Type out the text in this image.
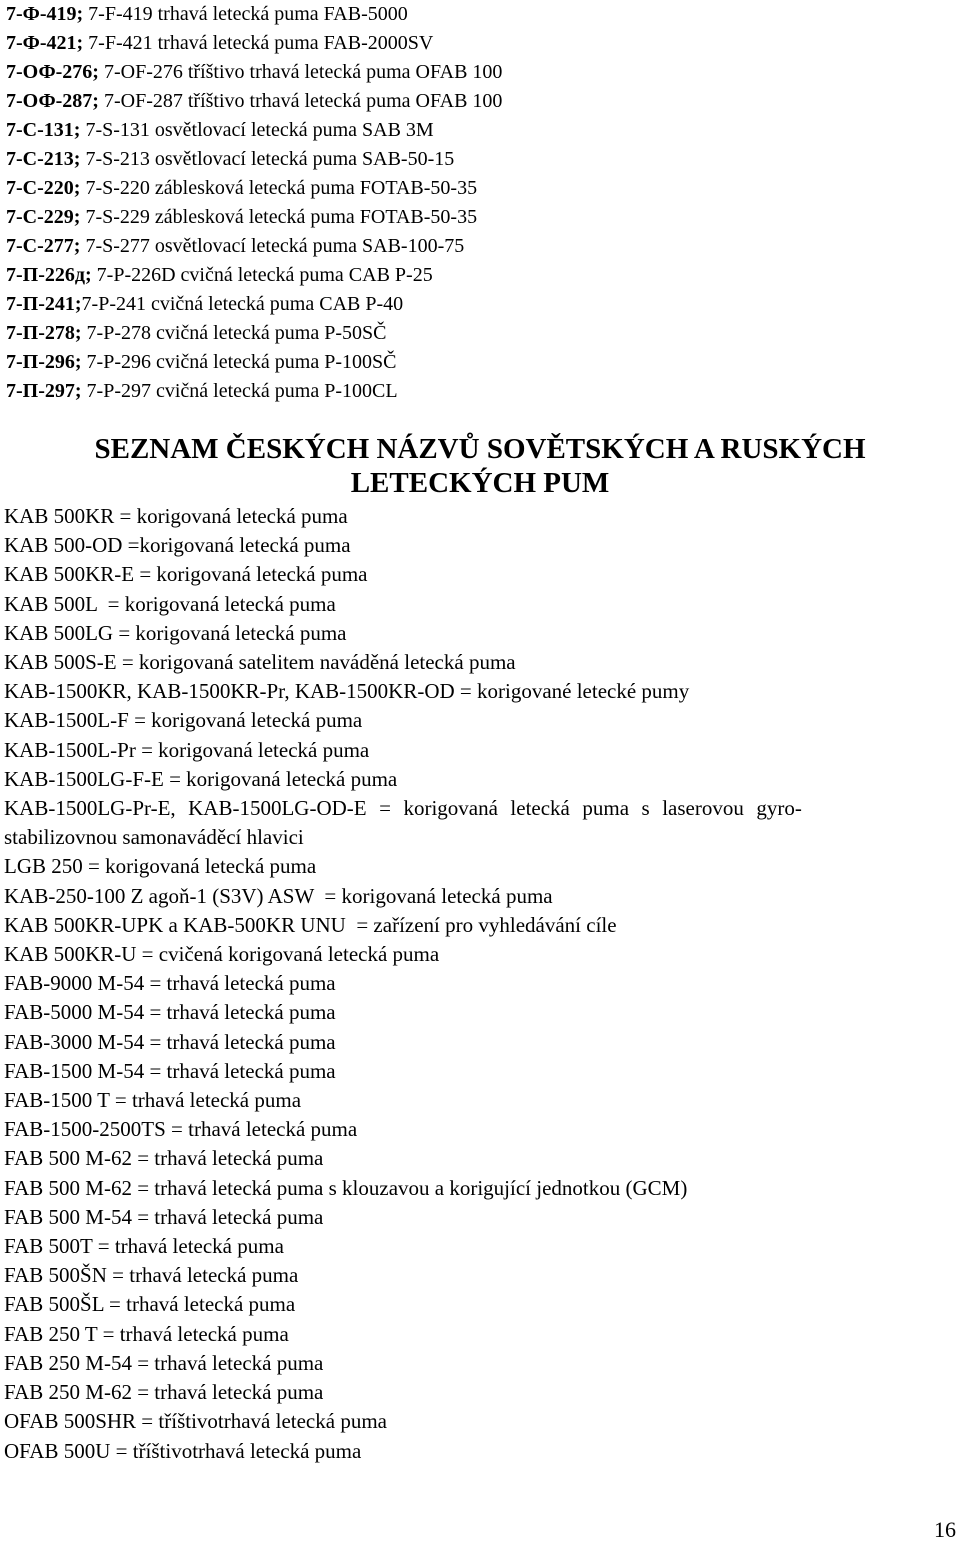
7-Ф-419; 7-F-419 trhavá letecká puma FAB-5000
7-Ф-421; 7-F-421 trhavá letecká puma FAB-2000SV
7-ОФ-276; 7-OF-276 tříštivo trhavá letecká puma OFAB 100
7-ОФ-287; 7-OF-287 tříštivo trhavá letecká puma OFAB 100
7-С-131; 7-S-131 osvětlovací letecká puma SAB 3M
7-С-213; 7-S-213 osvětlovací letecká puma SAB-50-15
7-С-220; 7-S-220 záblesková letecká puma FOTAB-50-35
7-С-229; 7-S-229 záblesková letecká puma FOTAB-50-35
7-С-277; 7-S-277 osvětlovací letecká puma SAB-100-75
7-П-226д; 7-P-226D cvičná letecká puma CAB P-25
7-П-241;7-P-241 cvičná letecká puma CAB P-40
7-П-278; 7-P-278 cvičná letecká puma P-50SČ
7-П-296; 7-P-296 cvičná letecká puma P-100SČ
7-П-297; 7-P-297 cvičná letecká puma P-100CL
SEZNAM ČESKÝCH NÁZVŮ SOVĚTSKÝCH A RUSKÝCH
LETECKÝCH PUM
KAB 500KR = korigovaná letecká puma
KAB 500-OD =korigovaná letecká puma
KAB 500KR-E = korigovaná letecká puma
KAB 500L  = korigovaná letecká puma
KAB 500LG = korigovaná letecká puma
KAB 500S-E = korigovaná satelitem naváděná letecká puma
KAB-1500KR, KAB-1500KR-Pr, KAB-1500KR-OD = korigované letecké pumy
KAB-1500L-F = korigovaná letecká puma
KAB-1500L-Pr = korigovaná letecká puma
KAB-1500LG-F-E = korigovaná letecká puma
KAB-1500LG-Pr-E,  KAB-1500LG-OD-E  =  korigovaná  letecká  puma  s  laserovou  gyro-
stabilizovnou samonaváděcí hlavici
LGB 250 = korigovaná letecká puma
KAB-250-100 Z agoň-1 (S3V) ASW  = korigovaná letecká puma
KAB 500KR-UPK a KAB-500KR UNU  = zařízení pro vyhledávání cíle
KAB 500KR-U = cvičená korigovaná letecká puma
FAB-9000 M-54 = trhavá letecká puma
FAB-5000 M-54 = trhavá letecká puma
FAB-3000 M-54 = trhavá letecká puma
FAB-1500 M-54 = trhavá letecká puma
FAB-1500 T = trhavá letecká puma
FAB-1500-2500TS = trhavá letecká puma
FAB 500 M-62 = trhavá letecká puma
FAB 500 M-62 = trhavá letecká puma s klouzavou a korigující jednotkou (GCM)
FAB 500 M-54 = trhavá letecká puma
FAB 500T = trhavá letecká puma
FAB 500ŠN = trhavá letecká puma
FAB 500ŠL = trhavá letecká puma
FAB 250 T = trhavá letecká puma
FAB 250 M-54 = trhavá letecká puma
FAB 250 M-62 = trhavá letecká puma
OFAB 500SHR = tříštivotrhavá letecká puma
OFAB 500U = tříštivotrhavá letecká puma
16
